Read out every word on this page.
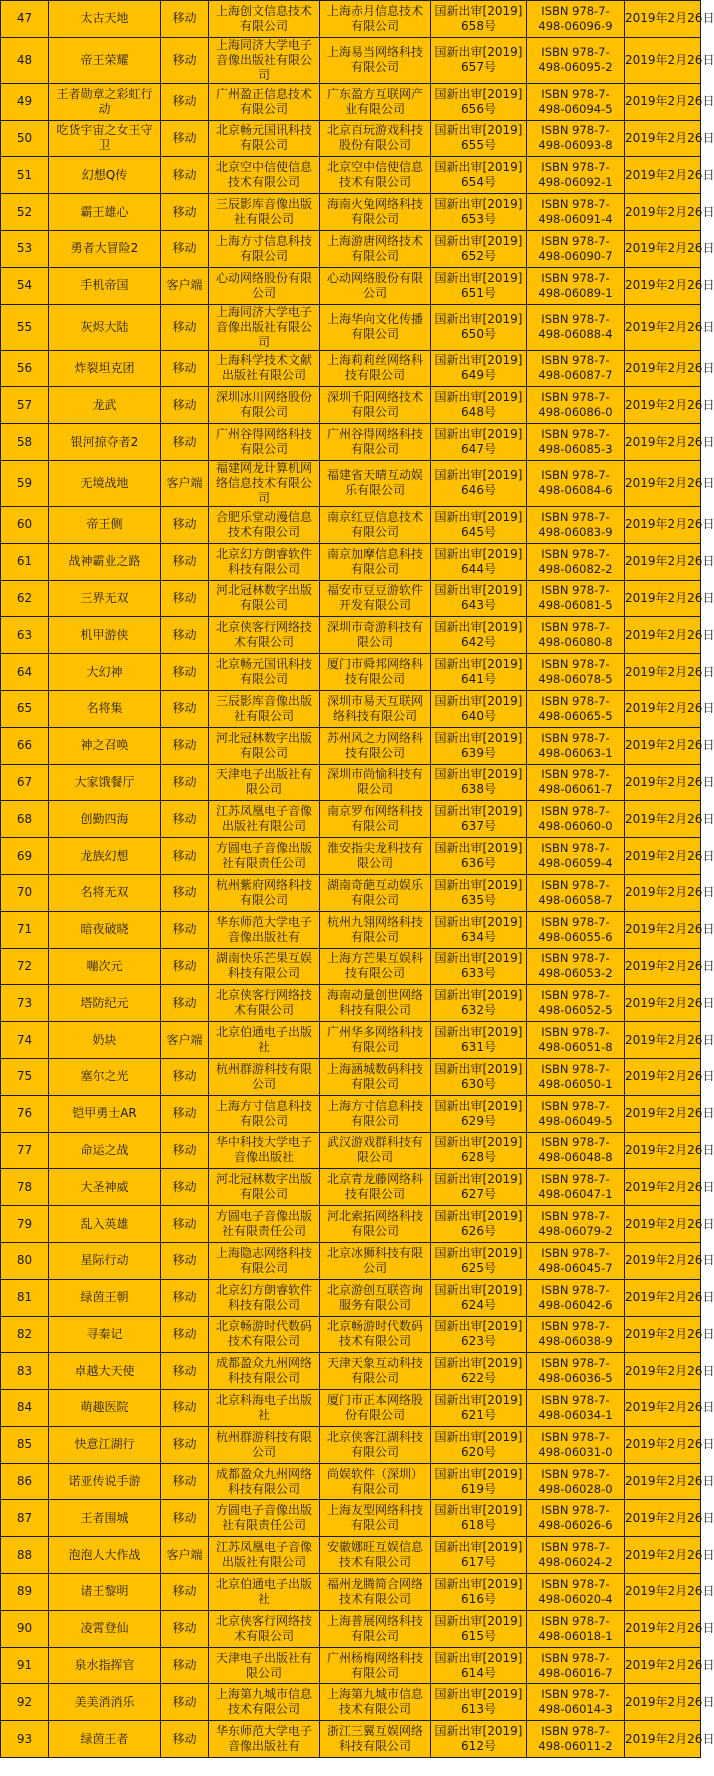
47	太古天地	移动	上海创文信息技术有限公司	上海赤月信息技术有限公司	国新出审[2019]658号	ISBN 978-7-498-06096-9	2019年2月26日
48	帝王荣耀	移动	上海同济大学电子音像出版社有限公司	上海易当网络科技有限公司	国新出审[2019]657号	ISBN 978-7-498-06095-2	2019年2月26日
49	王者勋章之彩虹行动	移动	广州盈正信息技术有限公司	广东盈方互联网产业有限公司	国新出审[2019]656号	ISBN 978-7-498-06094-5	2019年2月26日
50	吃货宇宙之女王守卫	移动	北京畅元国讯科技有限公司	北京百玩游戏科技股份有限公司	国新出审[2019]655号	ISBN 978-7-498-06093-8	2019年2月26日
51	幻想Q传	移动	北京空中信使信息技术有限公司	北京空中信使信息技术有限公司	国新出审[2019]654号	ISBN 978-7-498-06092-1	2019年2月26日
52	霸王雄心	移动	三辰影库音像出版社有限公司	海南火兔网络科技有限公司	国新出审[2019]653号	ISBN 978-7-498-06091-4	2019年2月26日
53	勇者大冒险2	移动	上海方寸信息科技有限公司	上海游唐网络技术有限公司	国新出审[2019]652号	ISBN 978-7-498-06090-7	2019年2月26日
54	手机帝国	客户端	心动网络股份有限公司	心动网络股份有限公司	国新出审[2019]651号	ISBN 978-7-498-06089-1	2019年2月26日
55	灰烬大陆	移动	上海同济大学电子音像出版社有限公司	上海华向文化传播有限公司	国新出审[2019]650号	ISBN 978-7-498-06088-4	2019年2月26日
56	炸裂坦克团	移动	上海科学技术文献出版社有限公司	上海莉莉丝网络科技有限公司	国新出审[2019]649号	ISBN 978-7-498-06087-7	2019年2月26日
57	龙武	移动	深圳冰川网络股份有限公司	深圳千阳网络技术有限公司	国新出审[2019]648号	ISBN 978-7-498-06086-0	2019年2月26日
58	银河掠夺者2	移动	广州谷得网络科技有限公司	广州谷得网络科技有限公司	国新出审[2019]647号	ISBN 978-7-498-06085-3	2019年2月26日
59	无境战地	客户端	福建网龙计算机网络信息技术有限公司	福建省天晴互动娱乐有限公司	国新出审[2019]646号	ISBN 978-7-498-06084-6	2019年2月26日
60	帝王侧	移动	合肥乐堂动漫信息技术有限公司	南京红豆信息技术有限公司	国新出审[2019]645号	ISBN 978-7-498-06083-9	2019年2月26日
61	战神霸业之路	移动	北京幻方朗睿软件科技有限公司	南京加摩信息科技有限公司	国新出审[2019]644号	ISBN 978-7-498-06082-2	2019年2月26日
62	三界无双	移动	河北冠林数字出版有限公司	福安市豆豆游软件开发有限公司	国新出审[2019]643号	ISBN 978-7-498-06081-5	2019年2月26日
63	机甲游侠	移动	北京侠客行网络技术有限公司	深圳市奇游科技有限公司	国新出审[2019]642号	ISBN 978-7-498-06080-8	2019年2月26日
64	大幻神	移动	北京畅元国讯科技有限公司	厦门市舜邦网络科技有限公司	国新出审[2019]641号	ISBN 978-7-498-06078-5	2019年2月26日
65	名将集	移动	三辰影库音像出版社有限公司	深圳市易天互联网络科技有限公司	国新出审[2019]640号	ISBN 978-7-498-06065-5	2019年2月26日
66	神之召唤	移动	河北冠林数字出版有限公司	苏州风之力网络科技有限公司	国新出审[2019]639号	ISBN 978-7-498-06063-1	2019年2月26日
67	大家饿餐厅	移动	天津电子出版社有限公司	深圳市尚愉科技有限公司	国新出审[2019]638号	ISBN 978-7-498-06061-7	2019年2月26日
68	创勤四海	移动	江苏凤凰电子音像出版社有限公司	南京罗布网络科技有限公司	国新出审[2019]637号	ISBN 978-7-498-06060-0	2019年2月26日
69	龙族幻想	移动	方圆电子音像出版社有限责任公司	淮安指尖龙科技有限公司	国新出审[2019]636号	ISBN 978-7-498-06059-4	2019年2月26日
70	名将无双	移动	杭州紫府网络科技有限公司	湖南奇葩互动娱乐有限公司	国新出审[2019]635号	ISBN 978-7-498-06058-7	2019年2月26日
71	暗夜破晓	移动	华东师范大学电子音像出版社有	杭州九翎网络科技有限公司	国新出审[2019]634号	ISBN 978-7-498-06055-6	2019年2月26日
72	嘣次元	移动	湖南快乐芒果互娱科技有限公司	上海方芒果互娱科技有限公司	国新出审[2019]633号	ISBN 978-7-498-06053-2	2019年2月26日
73	塔防纪元	移动	北京侠客行网络技术有限公司	海南动量创世网络科技有限公司	国新出审[2019]632号	ISBN 978-7-498-06052-5	2019年2月26日
74	奶块	客户端	北京伯通电子出版社	广州华多网络科技有限公司	国新出审[2019]631号	ISBN 978-7-498-06051-8	2019年2月26日
75	塞尔之光	移动	杭州群游科技有限公司	上海涵城数码科技有限公司	国新出审[2019]630号	ISBN 978-7-498-06050-1	2019年2月26日
76	铠甲勇士AR	移动	上海方寸信息科技有限公司	上海方寸信息科技有限公司	国新出审[2019]629号	ISBN 978-7-498-06049-5	2019年2月26日
77	命运之战	移动	华中科技大学电子音像出版社	武汉游戏群科技有限公司	国新出审[2019]628号	ISBN 978-7-498-06048-8	2019年2月26日
78	大圣神威	移动	河北冠林数字出版有限公司	北京青龙藤网络科技有限公司	国新出审[2019]627号	ISBN 978-7-498-06047-1	2019年2月26日
79	乱入英雄	移动	方圆电子音像出版社有限责任公司	河北索拓网络科技有限公司	国新出审[2019]626号	ISBN 978-7-498-06079-2	2019年2月26日
80	星际行动	移动	上海隐志网络科技有限公司	北京冰狮科技有限公司	国新出审[2019]625号	ISBN 978-7-498-06045-7	2019年2月26日
81	绿茵王朝	移动	北京幻方朗睿软件科技有限公司	北京游创互联咨询服务有限公司	国新出审[2019]624号	ISBN 978-7-498-06042-6	2019年2月26日
82	寻秦记	移动	北京畅游时代数码技术有限公司	北京畅游时代数码技术有限公司	国新出审[2019]623号	ISBN 978-7-498-06038-9	2019年2月26日
83	卓越大天使	移动	成都盈众九州网络科技有限公司	天津天象互动科技有限公司	国新出审[2019]622号	ISBN 978-7-498-06036-5	2019年2月26日
84	萌趣医院	移动	北京科海电子出版社	厦门市正本网络股份有限公司	国新出审[2019]621号	ISBN 978-7-498-06034-1	2019年2月26日
85	快意江湖行	移动	杭州群游科技有限公司	北京侠客江湖科技有限公司	国新出审[2019]620号	ISBN 978-7-498-06031-0	2019年2月26日
86	诺亚传说手游	移动	成都盈众九州网络科技有限公司	尚娱软件（深圳）有限公司	国新出审[2019]619号	ISBN 978-7-498-06028-0	2019年2月26日
87	王者围城	移动	方圆电子音像出版社有限责任公司	上海友型网络科技有限公司	国新出审[2019]618号	ISBN 978-7-498-06026-6	2019年2月26日
88	泡泡人大作战	客户端	江苏凤凰电子音像出版社有限公司	安徽娜旺互娱信息技术有限公司	国新出审[2019]617号	ISBN 978-7-498-06024-2	2019年2月26日
89	诸王黎明	移动	北京伯通电子出版社	福州龙腾简合网络技术有限公司	国新出审[2019]616号	ISBN 978-7-498-06020-4	2019年2月26日
90	凌霄登仙	移动	北京侠客行网络技术有限公司	上海普展网络科技有限公司	国新出审[2019]615号	ISBN 978-7-498-06018-1	2019年2月26日
91	泉水指挥官	移动	天津电子出版社有限公司	广州杨梅网络科技有限公司	国新出审[2019]614号	ISBN 978-7-498-06016-7	2019年2月26日
92	美美消消乐	移动	上海第九城市信息技术有限公司	上海第九城市信息技术有限公司	国新出审[2019]613号	ISBN 978-7-498-06014-3	2019年2月26日
93	绿茵王者	移动	华东师范大学电子音像出版社有	浙江三翼互娱网络科技有限公司	国新出审[2019]612号	ISBN 978-7-498-06011-2	2019年2月26日
